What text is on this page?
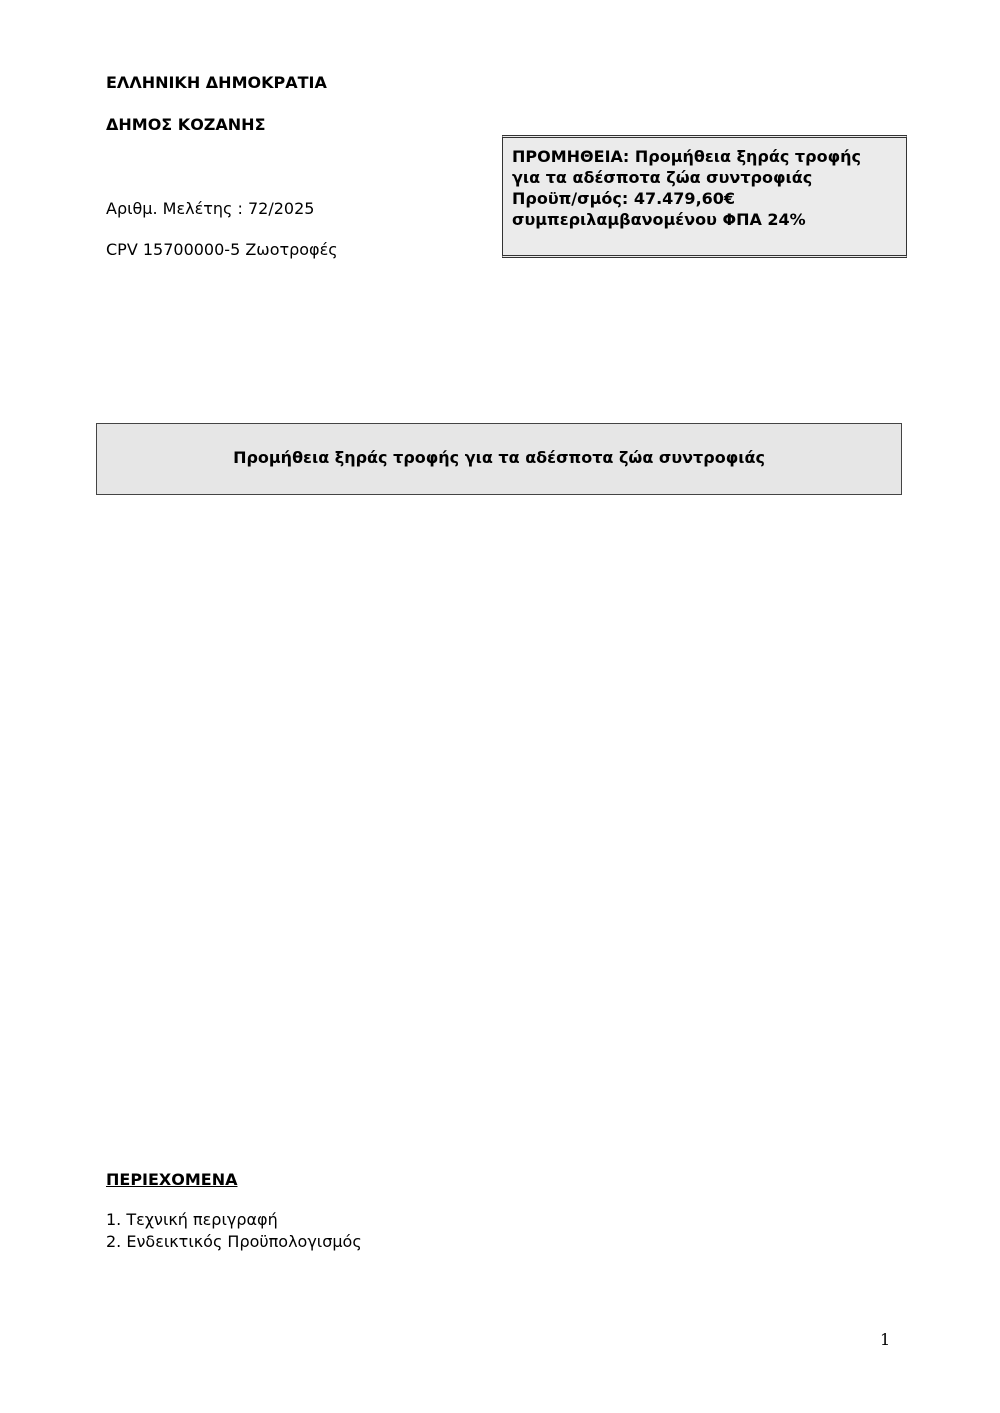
ΕΛΛΗΝΙΚΗ ΔΗΜΟΚΡΑΤΙΑ
ΔΗΜΟΣ ΚΟΖΑΝΗΣ
Αριθμ. Μελέτης : 72/2025
CPV 15700000-5 Ζωοτροφές
ΠΡΟΜΗΘΕΙΑ: Προμήθεια ξηράς τροφής
για τα αδέσποτα ζώα συντροφιάς
Προϋπ/σμός: 47.479,60€
συμπεριλαμβανομένου ΦΠΑ 24%
Προμήθεια ξηράς τροφής για τα αδέσποτα ζώα συντροφιάς
ΠΕΡΙΕΧΟΜΕΝΑ
1. Τεχνική περιγραφή
2. Ενδεικτικός Προϋπολογισμός
1
